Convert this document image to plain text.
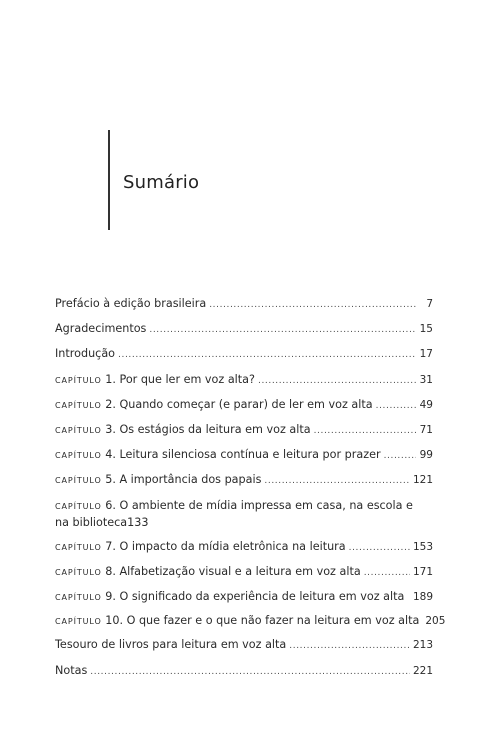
Sumário
Prefácio à edição brasileira .....	7
Agradecimentos .....	15
Introdução .....	17
CAPÍTULO 1. Por que ler em voz alta? .....	31
CAPÍTULO 2. Quando começar (e parar) de ler em voz alta .....	49
CAPÍTULO 3. Os estágios da leitura em voz alta .....	71
CAPÍTULO 4. Leitura silenciosa contínua e leitura por prazer .....	99
CAPÍTULO 5. A importância dos papais .....	121
CAPÍTULO 6. O ambiente de mídia impressa em casa, na escola e
na biblioteca 133
CAPÍTULO 7. O impacto da mídia eletrônica na leitura .....	153
CAPÍTULO 8. Alfabetização visual e a leitura em voz alta .....	171
CAPÍTULO 9. O significado da experiência de leitura em voz alta 189
CAPÍTULO 10. O que fazer e o que não fazer na leitura em voz alta 205
Tesouro de livros para leitura em voz alta .....	213
Notas .....	221
